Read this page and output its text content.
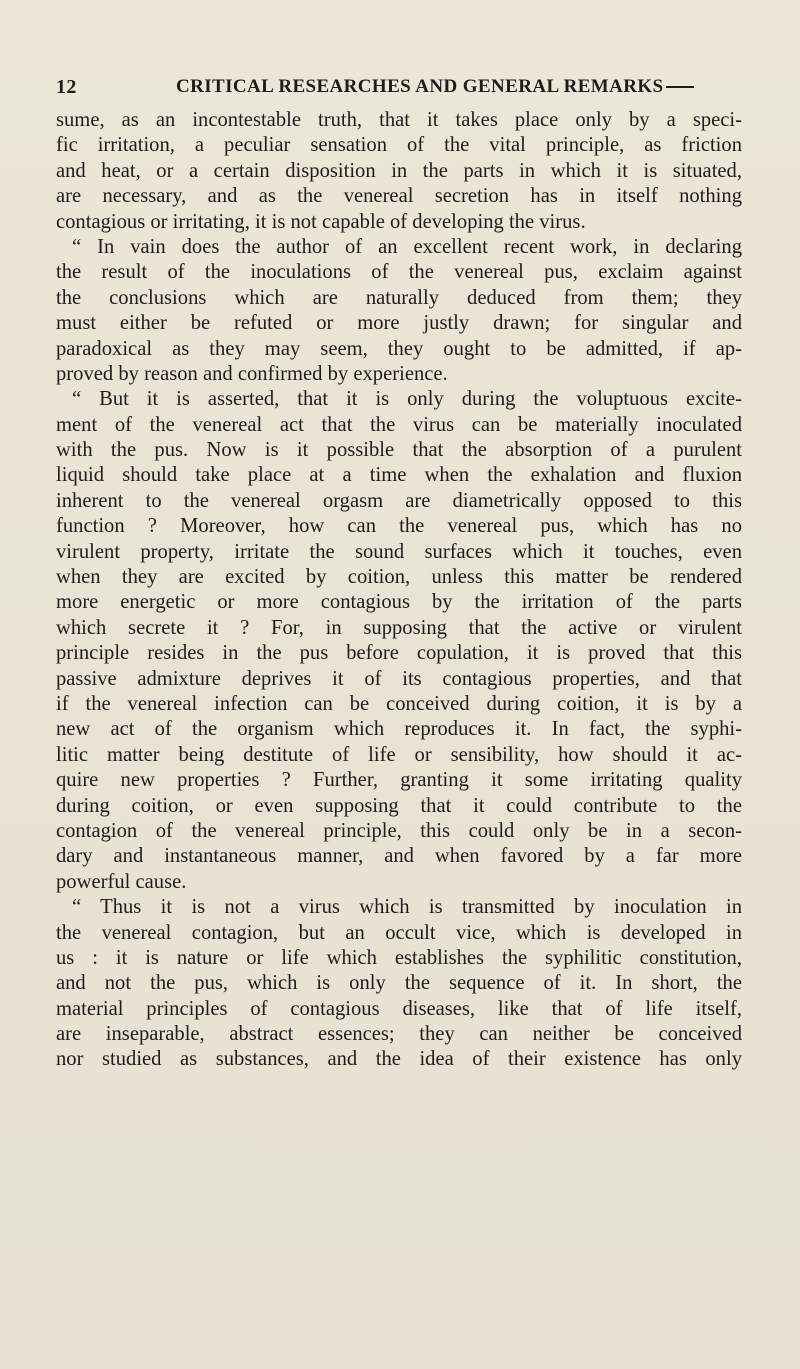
12	CRITICAL RESEARCHES AND GENERAL REMARKS
sume, as an incontestable truth, that it takes place only by a speci-
fic irritation, a peculiar sensation of the vital principle, as friction
and heat, or a certain disposition in the parts in which it is situated,
are necessary, and as the venereal secretion has in itself nothing
contagious or irritating, it is not capable of developing the virus.
“ In vain does the author of an excellent recent work, in declaring
the result of the inoculations of the venereal pus, exclaim against
the conclusions which are naturally deduced from them; they
must either be refuted or more justly drawn; for singular and
paradoxical as they may seem, they ought to be admitted, if ap-
proved by reason and confirmed by experience.
“ But it is asserted, that it is only during the voluptuous excite-
ment of the venereal act that the virus can be materially inoculated
with the pus. Now is it possible that the absorption of a purulent
liquid should take place at a time when the exhalation and fluxion
inherent to the venereal orgasm are diametrically opposed to this
function ? Moreover, how can the venereal pus, which has no
virulent property, irritate the sound surfaces which it touches, even
when they are excited by coition, unless this matter be rendered
more energetic or more contagious by the irritation of the parts
which secrete it ? For, in supposing that the active or virulent
principle resides in the pus before copulation, it is proved that this
passive admixture deprives it of its contagious properties, and that
if the venereal infection can be conceived during coition, it is by a
new act of the organism which reproduces it. In fact, the syphi-
litic matter being destitute of life or sensibility, how should it ac-
quire new properties ? Further, granting it some irritating quality
during coition, or even supposing that it could contribute to the
contagion of the venereal principle, this could only be in a secon-
dary and instantaneous manner, and when favored by a far more
powerful cause.
“ Thus it is not a virus which is transmitted by inoculation in
the venereal contagion, but an occult vice, which is developed in
us : it is nature or life which establishes the syphilitic constitution,
and not the pus, which is only the sequence of it. In short, the
material principles of contagious diseases, like that of life itself,
are inseparable, abstract essences; they can neither be conceived
nor studied as substances, and the idea of their existence has only
